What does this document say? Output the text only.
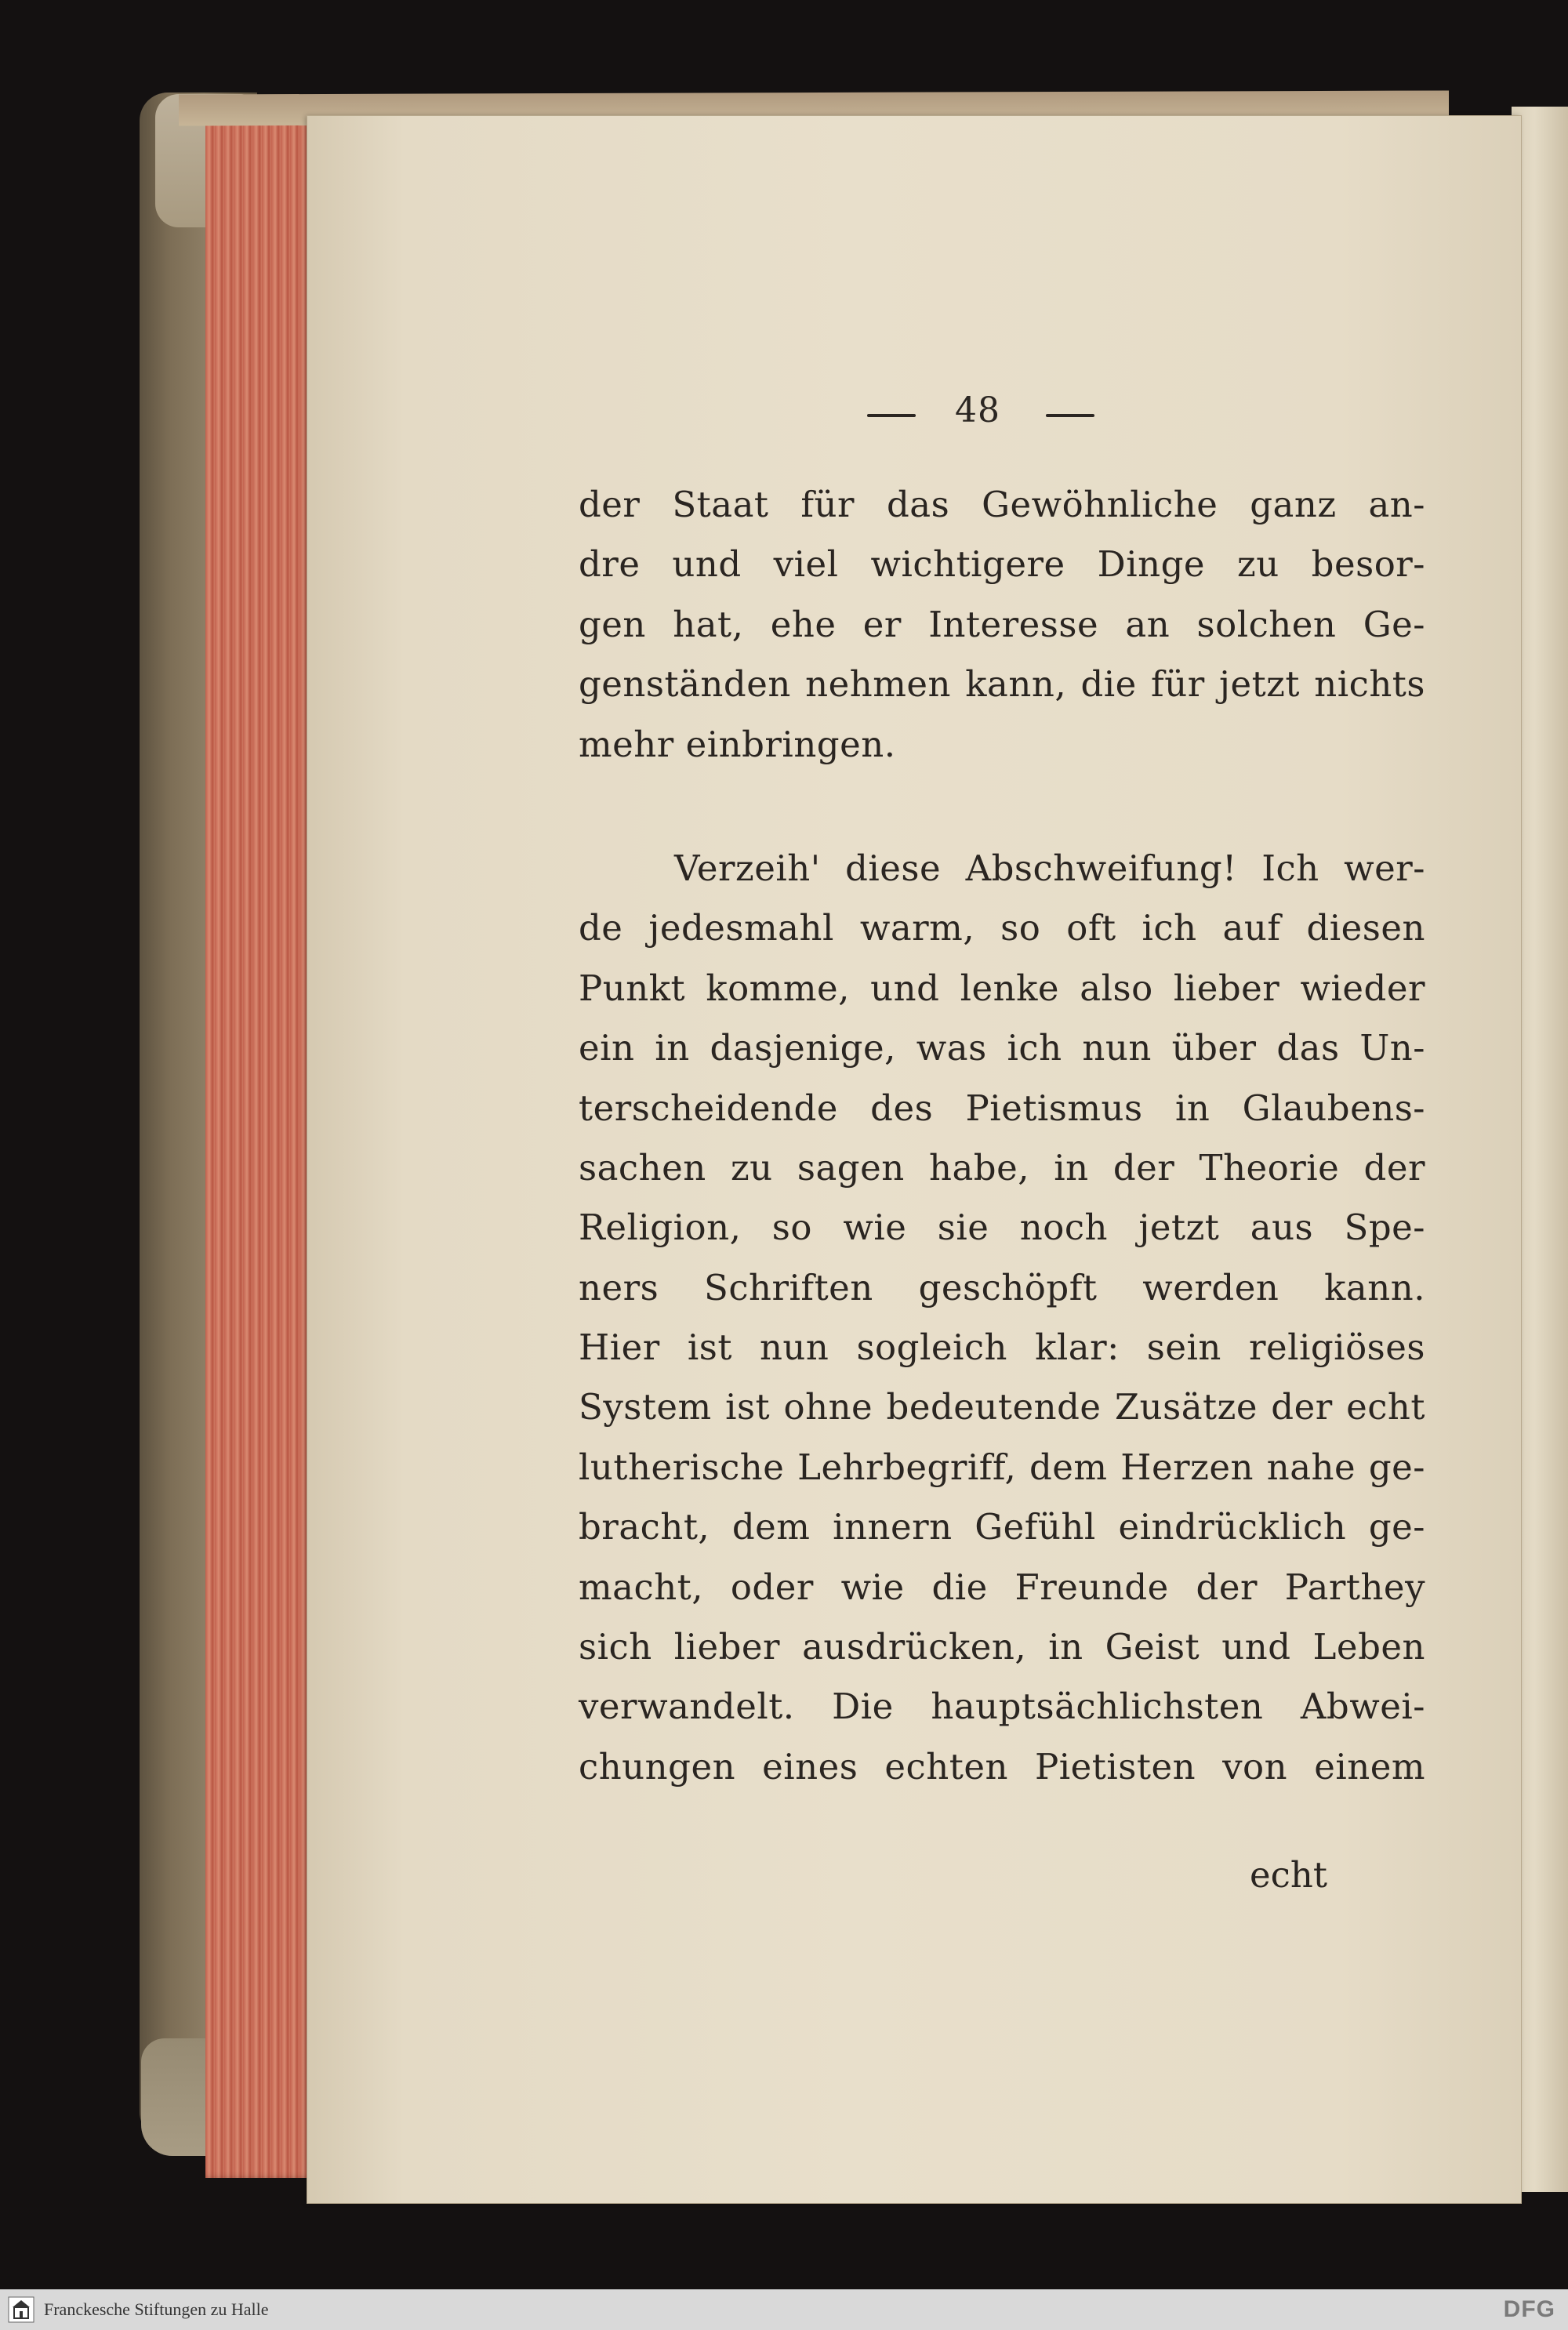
48
der Staat für das Gewöhnliche ganz an-
dre und viel wichtigere Dinge zu besor-
gen hat, ehe er Interesse an solchen Ge-
genständen nehmen kann, die für jetzt nichts
mehr einbringen.
Verzeih' diese Abschweifung! Ich wer-
de jedesmahl warm, so oft ich auf diesen
Punkt komme, und lenke also lieber wieder
ein in dasjenige, was ich nun über das Un-
terscheidende des Pietismus in Glaubens-
sachen zu sagen habe, in der Theorie der
Religion, so wie sie noch jetzt aus Spe-
ners Schriften geschöpft werden kann.
Hier ist nun sogleich klar: sein religiöses
System ist ohne bedeutende Zusätze der echt
lutherische Lehrbegriff, dem Herzen nahe ge-
bracht, dem innern Gefühl eindrücklich ge-
macht, oder wie die Freunde der Parthey
sich lieber ausdrücken, in Geist und Leben
verwandelt. Die hauptsächlichsten Abwei-
chungen eines echten Pietisten von einem
echt
Franckesche Stiftungen zu Halle	DFG
